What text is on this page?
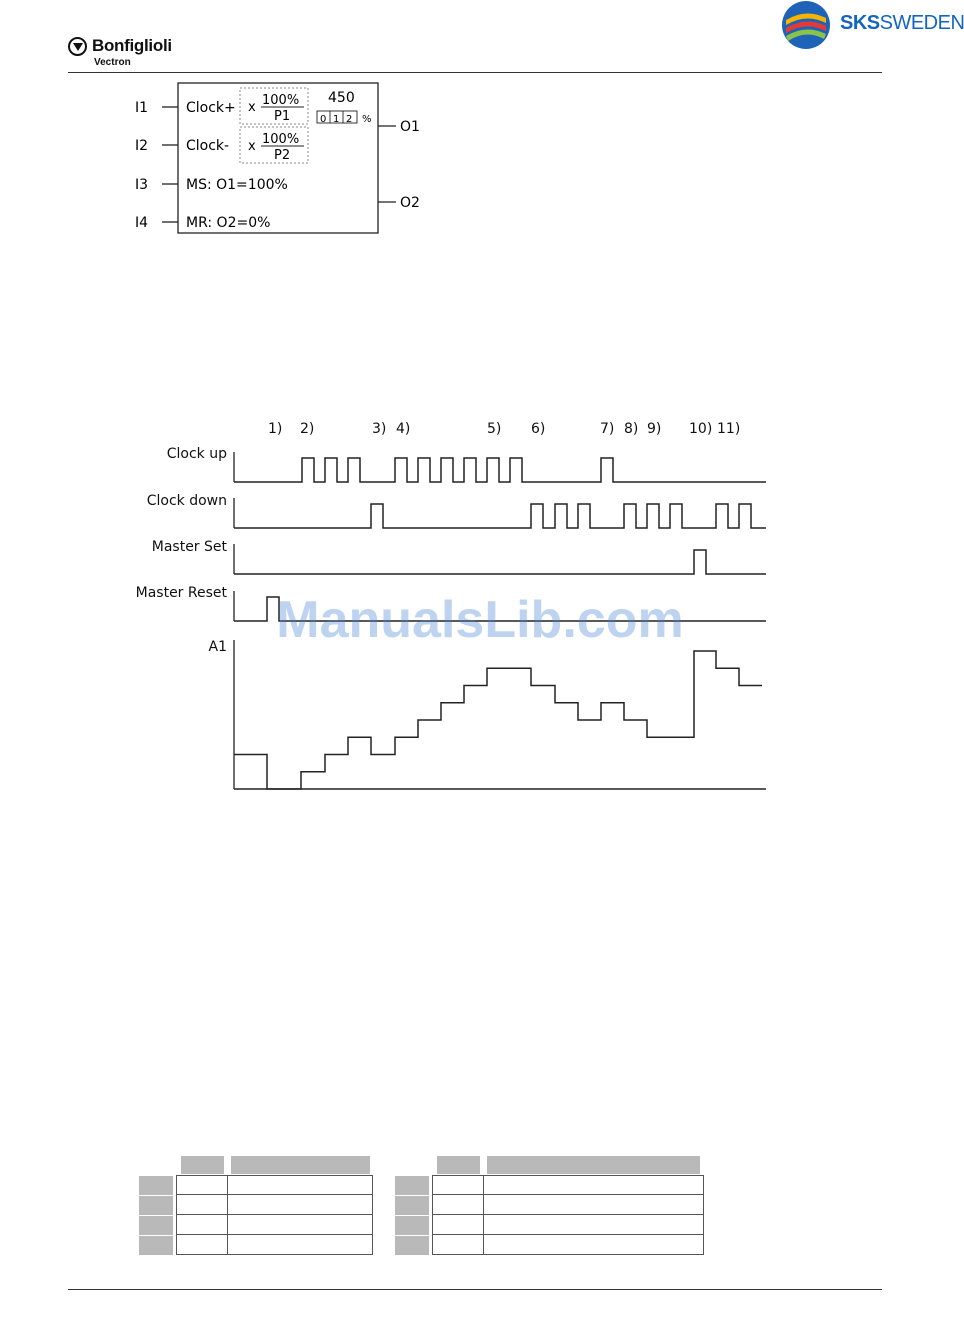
Bonfiglioli
Vectron
SKSSWEDEN
I1
I2
I3
I4
Clock+
Clock-
MS: O1=100%
MR: O2=0%
x 100%
P1
x 100%
P2
450
0 1 2 % O1
O2
1) 2)	3) 4)	5) 6)	7) 8) 9) 10) 11)
Clock up
Clock down
Master Set
Master Reset
A1 ManualsLib.com
